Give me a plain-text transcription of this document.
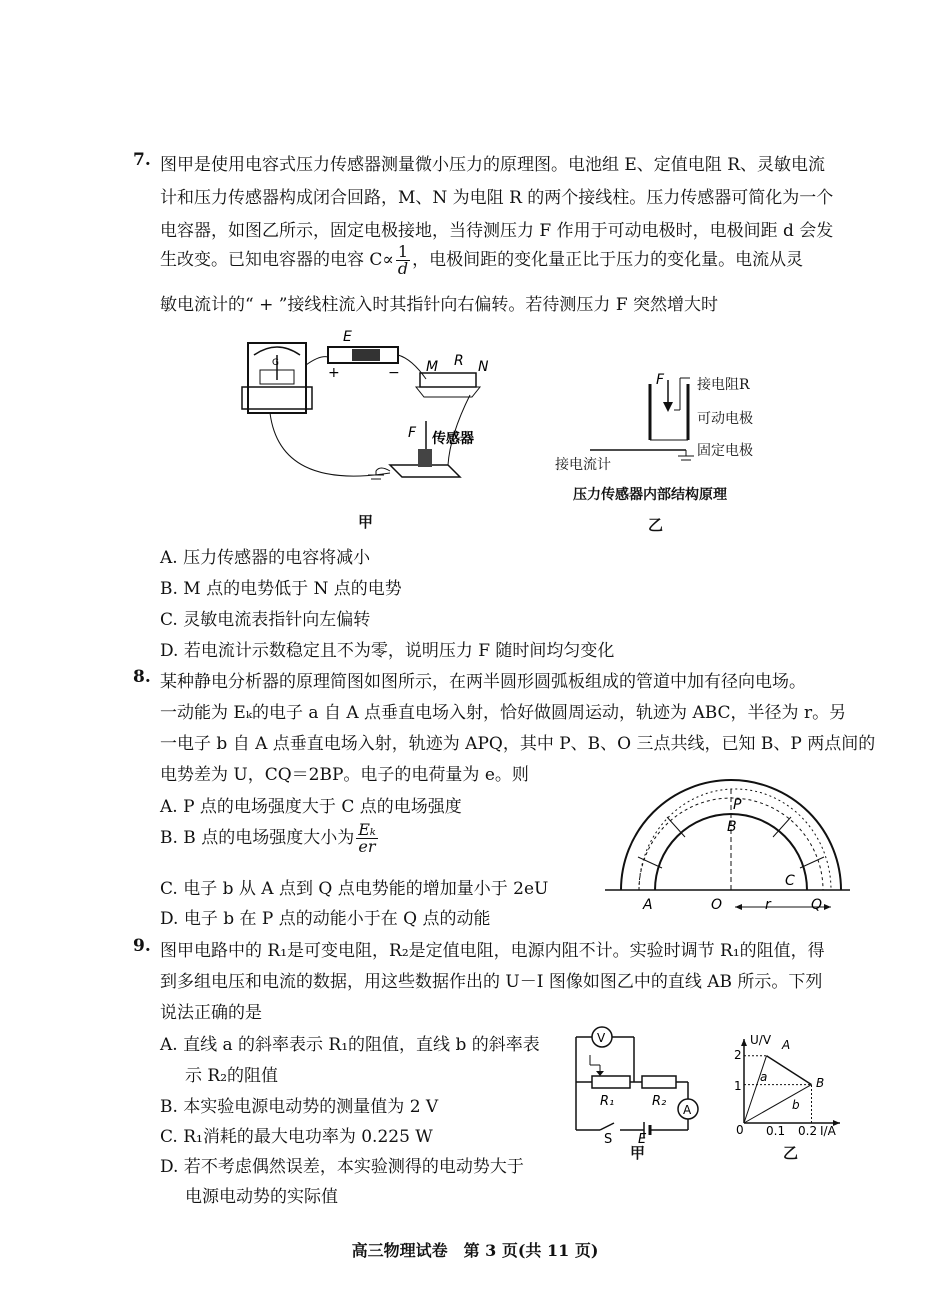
7. 图甲是使用电容式压力传感器测量微小压力的原理图。电池组 E、定值电阻 R、灵敏电流
计和压力传感器构成闭合回路，M、N 为电阻 R 的两个接线柱。压力传感器可简化为一个
电容器，如图乙所示，固定电极接地，当待测压力 F 作用于可动电极时，电极间距 d 会发
生改变。已知电容器的电容 $C\propto \frac{1}{d}$ ，电极间距的变化量正比于压力的变化量。电流从灵
敏电流计的“ + ”接线柱流入时其指针向右偏转。若待测压力 F 突然增大时
E
R
M	N
+	−
F 传感器
G
甲
F 接电阻R
可动电极
固定电极
接电流计
压力传感器内部结构原理
乙
A. 压力传感器的电容将减小
B. M 点的电势低于 N 点的电势
C. 灵敏电流表指针向左偏转
D. 若电流计示数稳定且不为零，说明压力 F 随时间均匀变化
8. 某种静电分析器的原理简图如图所示，在两半圆形圆弧板组成的管道中加有径向电场。
一动能为 Eₖ的电子 a 自 A 点垂直电场入射，恰好做圆周运动，轨迹为 ABC，半径为 r。另
一电子 b 自 A 点垂直电场入射，轨迹为 APQ，其中 P、B、O 三点共线，已知 B、P 两点间的
电势差为 U，CQ＝2BP。电子的电荷量为 e。则
A. P 点的电场强度大于 C 点的电场强度
B. B 点的电场强度大小为 $\frac{\text{Eₖ}}{er}$
C. 电子 b 从 A 点到 Q 点电势能的增加量小于 2eU
D. 电子 b 在 P 点的动能小于在 Q 点的动能
P
B
C
A	O	r	Q
9. 图甲电路中的 R₁是可变电阻，R₂是定值电阻，电源内阻不计。实验时调节 R₁的阻值，得
到多组电压和电流的数据，用这些数据作出的 U－I 图像如图乙中的直线 AB 所示。下列
说法正确的是
A. 直线 a 的斜率表示 R₁的阻值，直线 b 的斜率表
示 R₂的阻值
B. 本实验电源电动势的测量值为 2 V
C. R₁消耗的最大电功率为 0.225 W
D. 若不考虑偶然误差，本实验测得的电动势大于
电源电动势的实际值
V
A
R₁	R₂
S E
甲
U/V
I/A
0
1
2
0.1 0.2
A
B
a
b
乙
高三物理试卷　第 3 页(共 11 页)
